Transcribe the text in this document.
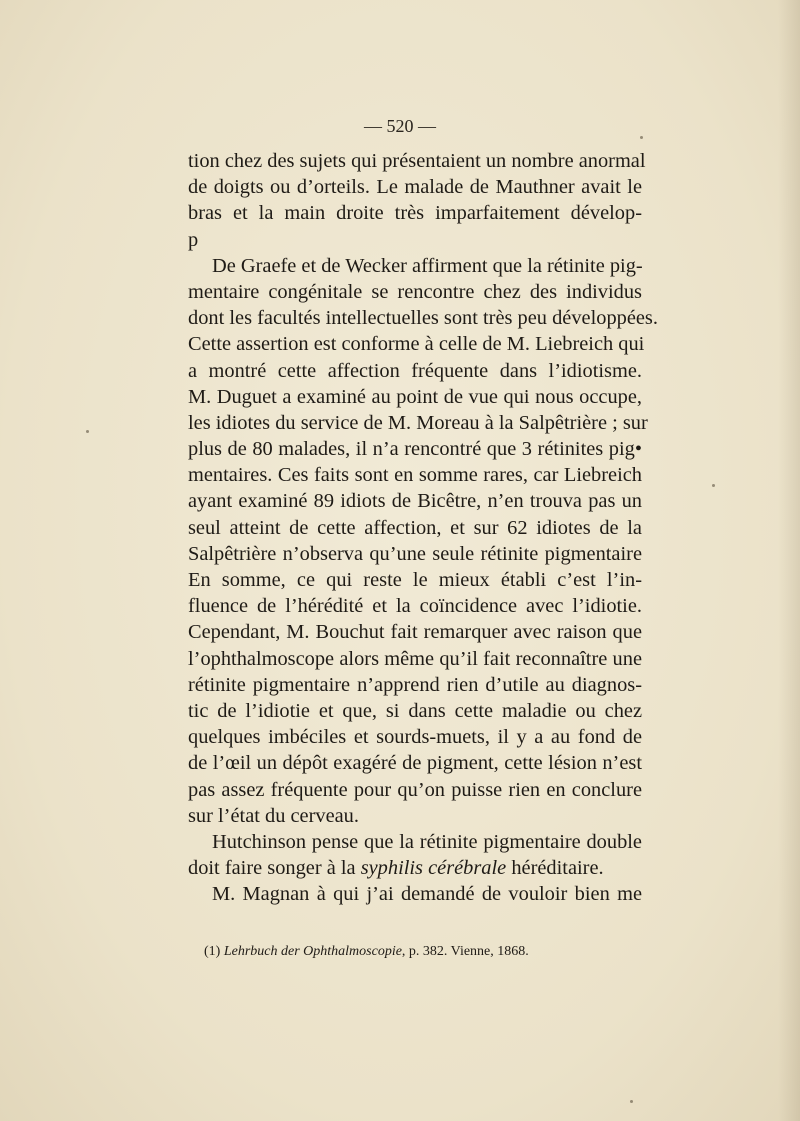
— 520 —
tion chez des sujets qui présentaient un nombre anormal
de doigts ou d’orteils. Le malade de Mauthner avait le
bras et la main droite très imparfaitement dévelop-
p
De Graefe et de Wecker affirment que la rétinite pig-
mentaire congénitale se rencontre chez des individus
dont les facultés intellectuelles sont très peu développées.
Cette assertion est conforme à celle de M. Liebreich qui
a montré cette affection fréquente dans l’idiotisme.
M. Duguet a examiné au point de vue qui nous occupe,
les idiotes du service de M. Moreau à la Salpêtrière ; sur
plus de 80 malades, il n’a rencontré que 3 rétinites pig•
mentaires. Ces faits sont en somme rares, car Liebreich
ayant examiné 89 idiots de Bicêtre, n’en trouva pas un
seul atteint de cette affection, et sur 62 idiotes de la
Salpêtrière n’observa qu’une seule rétinite pigmentaire
En somme, ce qui reste le mieux établi c’est l’in-
fluence de l’hérédité et la coïncidence avec l’idiotie.
Cependant, M. Bouchut fait remarquer avec raison que
l’ophthalmoscope alors même qu’il fait reconnaître une
rétinite pigmentaire n’apprend rien d’utile au diagnos-
tic de l’idiotie et que, si dans cette maladie ou chez
quelques imbéciles et sourds-muets, il y a au fond de
de l’œil un dépôt exagéré de pigment, cette lésion n’est
pas assez fréquente pour qu’on puisse rien en conclure
sur l’état du cerveau.
Hutchinson pense que la rétinite pigmentaire double
doit faire songer à la syphilis cérébrale héréditaire.
M. Magnan à qui j’ai demandé de vouloir bien me
(1) Lehrbuch der Ophthalmoscopie, p. 382. Vienne, 1868.
